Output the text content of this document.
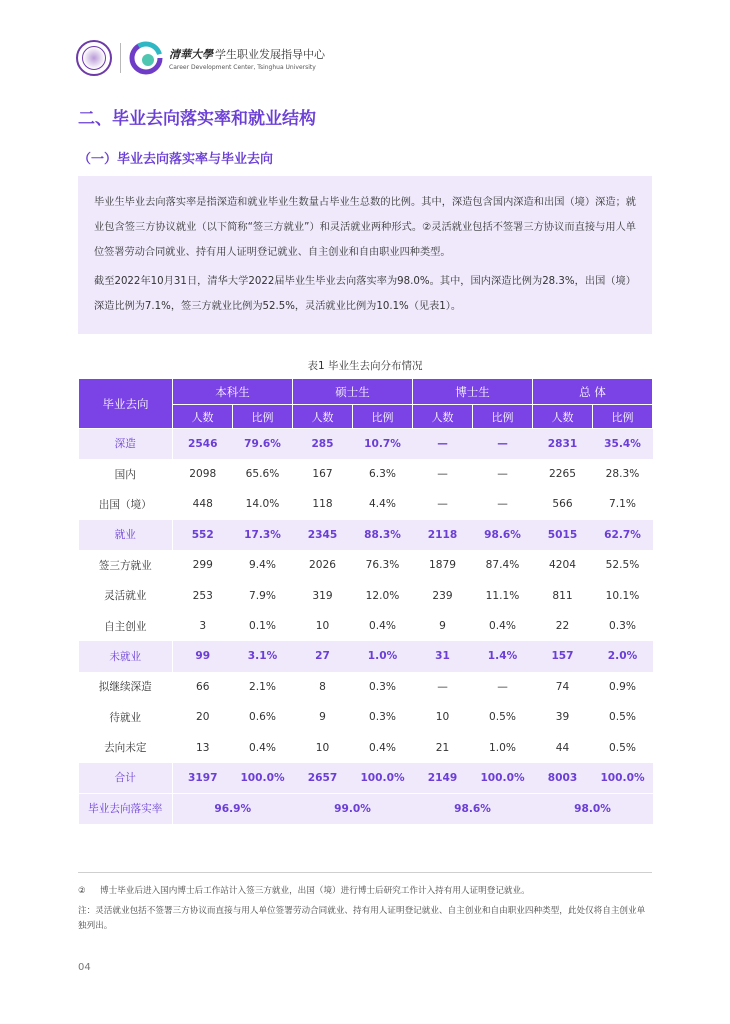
清華大學 学生职业发展指导中心
Career Development Center, Tsinghua University
二、毕业去向落实率和就业结构
（一）毕业去向落实率与毕业去向

毕业生毕业去向落实率是指深造和就业毕业生数量占毕业生总数的比例。其中，深造包含国内深造和出国（境）深造；就业包含签三方协议就业（以下简称“签三方就业”）和灵活就业两种形式。②灵活就业包括不签署三方协议而直接与用人单位签署劳动合同就业、持有用人证明登记就业、自主创业和自由职业四种类型。

截至2022年10月31日，清华大学2022届毕业生毕业去向落实率为98.0%。其中，国内深造比例为28.3%，出国（境）深造比例为7.1%，签三方就业比例为52.5%，灵活就业比例为10.1%（见表1）。

表1 毕业生去向分布情况
毕业去向	本科生		硕士生		博士生		总 体	
	人数	比例	人数	比例	人数	比例	人数	比例
深造	2546	79.6%	285	10.7%	—	—	2831	35.4%
国内	2098	65.6%	167	6.3%	—	—	2265	28.3%
出国（境）	448	14.0%	118	4.4%	—	—	566	7.1%
就业	552	17.3%	2345	88.3%	2118	98.6%	5015	62.7%
签三方就业	299	9.4%	2026	76.3%	1879	87.4%	4204	52.5%
灵活就业	253	7.9%	319	12.0%	239	11.1%	811	10.1%
自主创业	3	0.1%	10	0.4%	9	0.4%	22	0.3%
未就业	99	3.1%	27	1.0%	31	1.4%	157	2.0%
拟继续深造	66	2.1%	8	0.3%	—	—	74	0.9%
待就业	20	0.6%	9	0.3%	10	0.5%	39	0.5%
去向未定	13	0.4%	10	0.4%	21	1.0%	44	0.5%
合计	3197	100.0%	2657	100.0%	2149	100.0%	8003	100.0%
毕业去向落实率	96.9%		99.0%		98.6%		98.0%	
② 博士毕业后进入国内博士后工作站计入签三方就业，出国（境）进行博士后研究工作计入持有用人证明登记就业。
注：灵活就业包括不签署三方协议而直接与用人单位签署劳动合同就业、持有用人证明登记就业、自主创业和自由职业四种类型，此处仅将自主创业单独列出。
04
